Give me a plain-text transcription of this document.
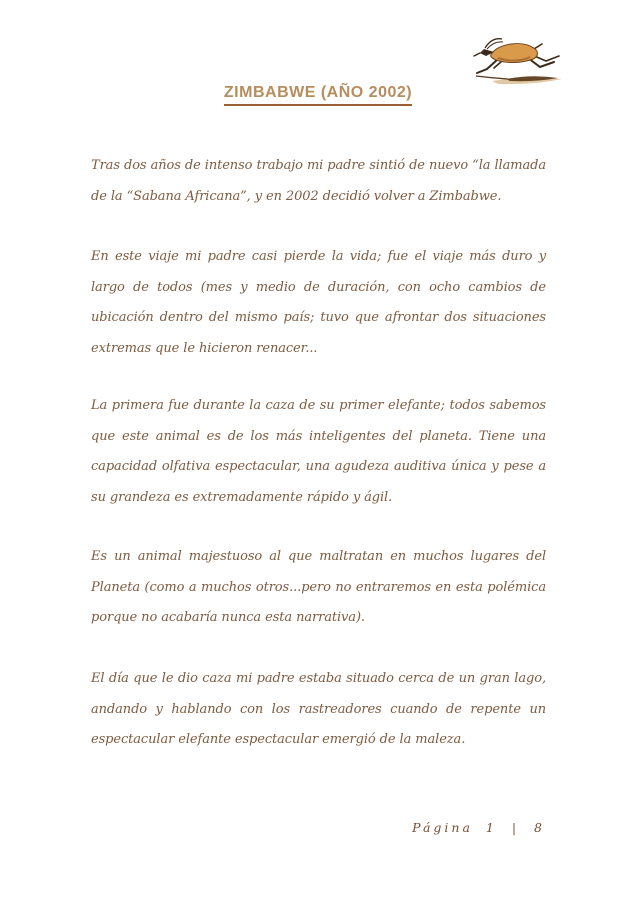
ZIMBABWE (AÑO 2002)

Tras dos años de intenso trabajo mi padre sintió de nuevo “la llamada de la “Sabana Africana”, y en 2002 decidió volver a Zimbabwe.

En este viaje mi padre casi pierde la vida; fue el viaje más duro y largo de todos (mes y medio de duración, con ocho cambios de ubicación dentro del mismo país; tuvo que afrontar dos situaciones extremas que le hicieron renacer...

La primera fue durante la caza de su primer elefante; todos sabemos que este animal es de los más inteligentes del planeta. Tiene una capacidad olfativa espectacular, una agudeza auditiva única y pese a su grandeza es extremadamente rápido y ágil.

Es un animal majestuoso al que maltratan en muchos lugares del Planeta (como a muchos otros...pero no entraremos en esta polémica porque no acabaría nunca esta narrativa).

El día que le dio caza mi padre estaba situado cerca de un gran lago, andando y hablando con los rastreadores cuando de repente un espectacular elefante espectacular emergió de la maleza.

Página 1 | 8
